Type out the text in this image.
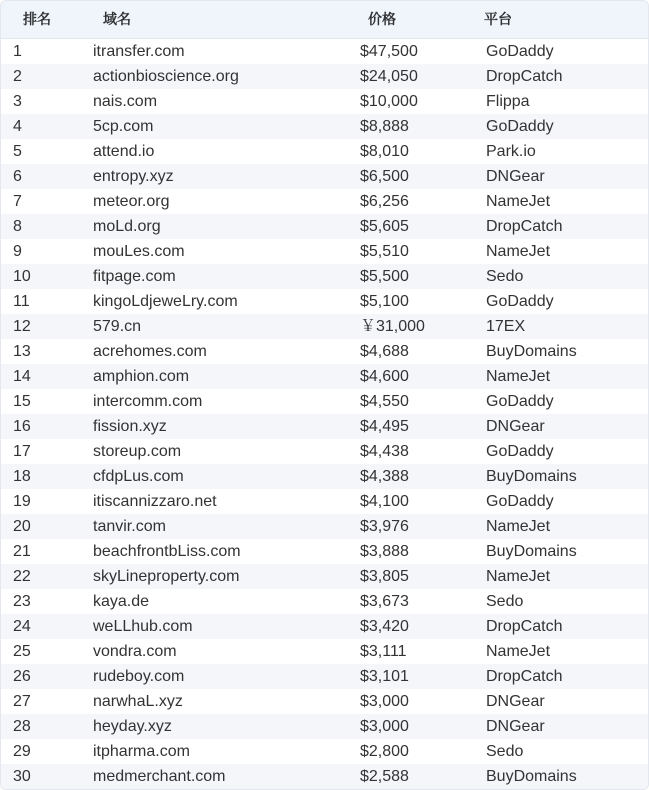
排名	域名	价格	平台
1	itransfer.com	$47,500	GoDaddy
2	actionbioscience.org	$24,050	DropCatch
3	nais.com	$10,000	Flippa
4	5cp.com	$8,888	GoDaddy
5	attend.io	$8,010	Park.io
6	entropy.xyz	$6,500	DNGear
7	meteor.org	$6,256	NameJet
8	moLd.org	$5,605	DropCatch
9	mouLes.com	$5,510	NameJet
10	fitpage.com	$5,500	Sedo
11	kingoLdjeweLry.com	$5,100	GoDaddy
12	579.cn	￥31,000	17EX
13	acrehomes.com	$4,688	BuyDomains
14	amphion.com	$4,600	NameJet
15	intercomm.com	$4,550	GoDaddy
16	fission.xyz	$4,495	DNGear
17	storeup.com	$4,438	GoDaddy
18	cfdpLus.com	$4,388	BuyDomains
19	itiscannizzaro.net	$4,100	GoDaddy
20	tanvir.com	$3,976	NameJet
21	beachfrontbLiss.com	$3,888	BuyDomains
22	skyLineproperty.com	$3,805	NameJet
23	kaya.de	$3,673	Sedo
24	weLLhub.com	$3,420	DropCatch
25	vondra.com	$3,111	NameJet
26	rudeboy.com	$3,101	DropCatch
27	narwhaL.xyz	$3,000	DNGear
28	heyday.xyz	$3,000	DNGear
29	itpharma.com	$2,800	Sedo
30	medmerchant.com	$2,588	BuyDomains
